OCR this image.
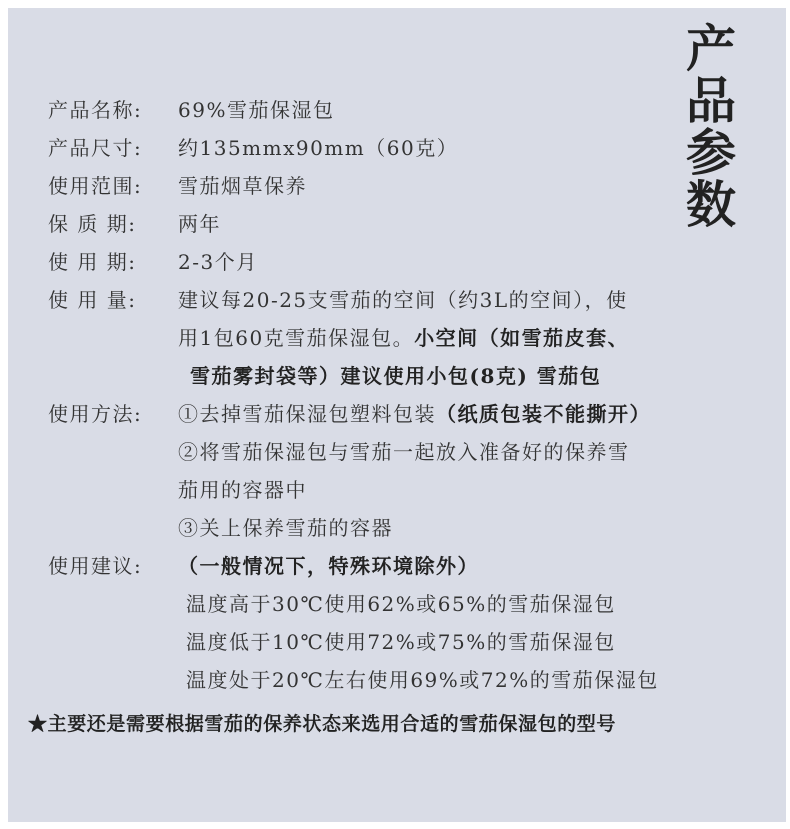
产品参数
产品名称: 69%雪茄保湿包
产品尺寸: 约135mmx90mm（60克）
使用范围: 雪茄烟草保养
保 质 期: 两年
使 用 期: 2-3个月
使 用 量: 建议每20-25支雪茄的空间（约3L的空间），使
用1包60克雪茄保湿包。小空间（如雪茄皮套、
雪茄雾封袋等）建议使用小包(8克) 雪茄包
使用方法: ①去掉雪茄保湿包塑料包装（纸质包装不能撕开）
②将雪茄保湿包与雪茄一起放入准备好的保养雪
茄用的容器中
③关上保养雪茄的容器
使用建议: （一般情况下，特殊环境除外）
温度高于30℃使用62%或65%的雪茄保湿包
温度低于10℃使用72%或75%的雪茄保湿包
温度处于20℃左右使用69%或72%的雪茄保湿包
★主要还是需要根据雪茄的保养状态来选用合适的雪茄保湿包的型号
